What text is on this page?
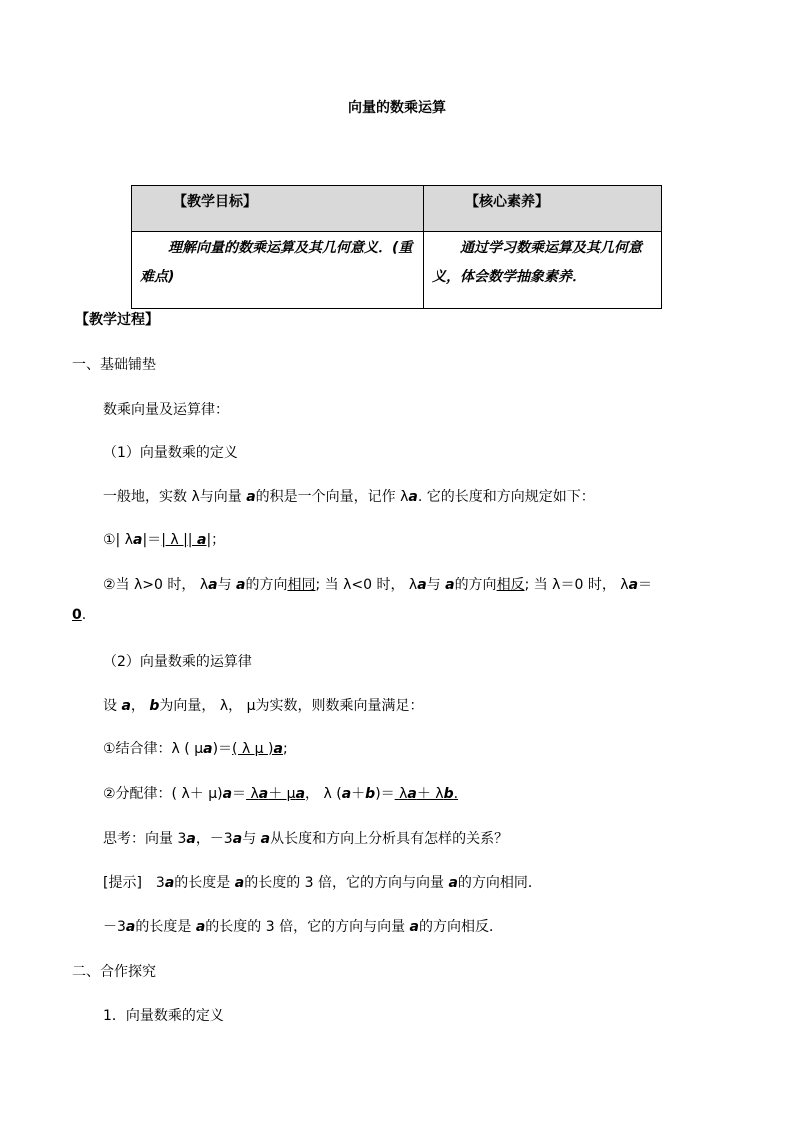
向量的数乘运算
【教学目标】	【核心素养】

理解向量的数乘运算及其几何意义．(重难点)	通过学习数乘运算及其几何意义，体会数学抽象素养．
【教学过程】
一、基础铺垫
数乘向量及运算律：
（1）向量数乘的定义
一般地，实数 λ与向量 a的积是一个向量，记作 λa. 它的长度和方向规定如下：
①| λa|＝| λ || a|；
②当 λ>0 时， λa与 a的方向相同; 当 λ<0 时， λa与 a的方向相反; 当 λ＝0 时， λa＝
0.
（2）向量数乘的运算律
设 a， b为向量， λ， μ为实数，则数乘向量满足：
①结合律：λ ( μa)＝( λ μ )a;
②分配律：( λ＋ μ)a＝ λa＋ μa， λ (a＋b)＝ λa＋ λb.
思考：向量 3a，－3a与 a从长度和方向上分析具有怎样的关系？
[提示]　3a的长度是 a的长度的 3 倍，它的方向与向量 a的方向相同．
－3a的长度是 a的长度的 3 倍，它的方向与向量 a的方向相反．
二、合作探究
1．向量数乘的定义
